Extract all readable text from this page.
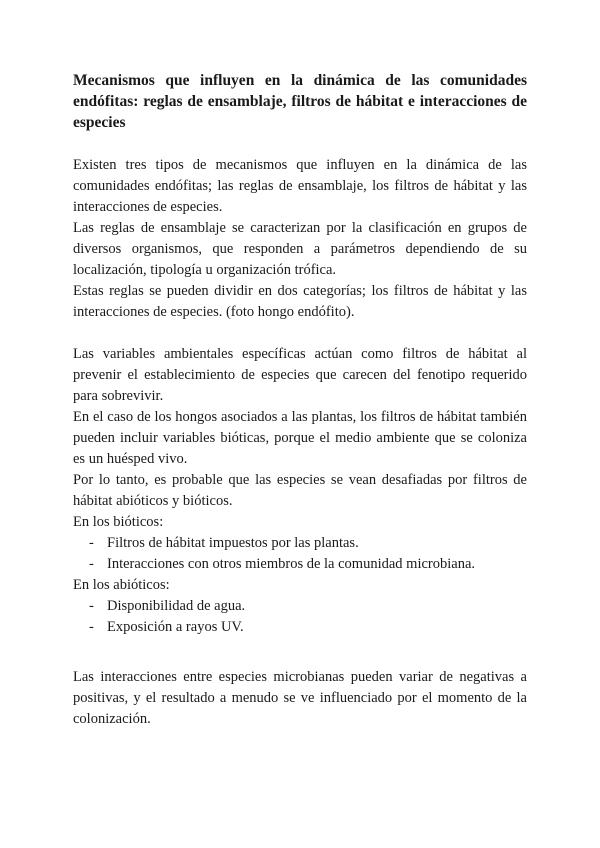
Mecanismos que influyen en la dinámica de las comunidades endófitas: reglas de ensamblaje, filtros de hábitat e interacciones de especies

Existen tres tipos de mecanismos que influyen en la dinámica de las comunidades endófitas; las reglas de ensamblaje, los filtros de hábitat y las interacciones de especies.

Las reglas de ensamblaje se caracterizan por la clasificación en grupos de diversos organismos, que responden a parámetros dependiendo de su localización, tipología u organización trófica.

Estas reglas se pueden dividir en dos categorías; los filtros de hábitat y las interacciones de especies. (foto hongo endófito).

Las variables ambientales específicas actúan como filtros de hábitat al prevenir el establecimiento de especies que carecen del fenotipo requerido para sobrevivir.

En el caso de los hongos asociados a las plantas, los filtros de hábitat también pueden incluir variables bióticas, porque el medio ambiente que se coloniza es un huésped vivo.

Por lo tanto, es probable que las especies se vean desafiadas por filtros de hábitat abióticos y bióticos.

En los bióticos:

- Filtros de hábitat impuestos por las plantas.
- Interacciones con otros miembros de la comunidad microbiana.

En los abióticos:

- Disponibilidad de agua.
- Exposición a rayos UV.

Las interacciones entre especies microbianas pueden variar de negativas a positivas, y el resultado a menudo se ve influenciado por el momento de la colonización.
